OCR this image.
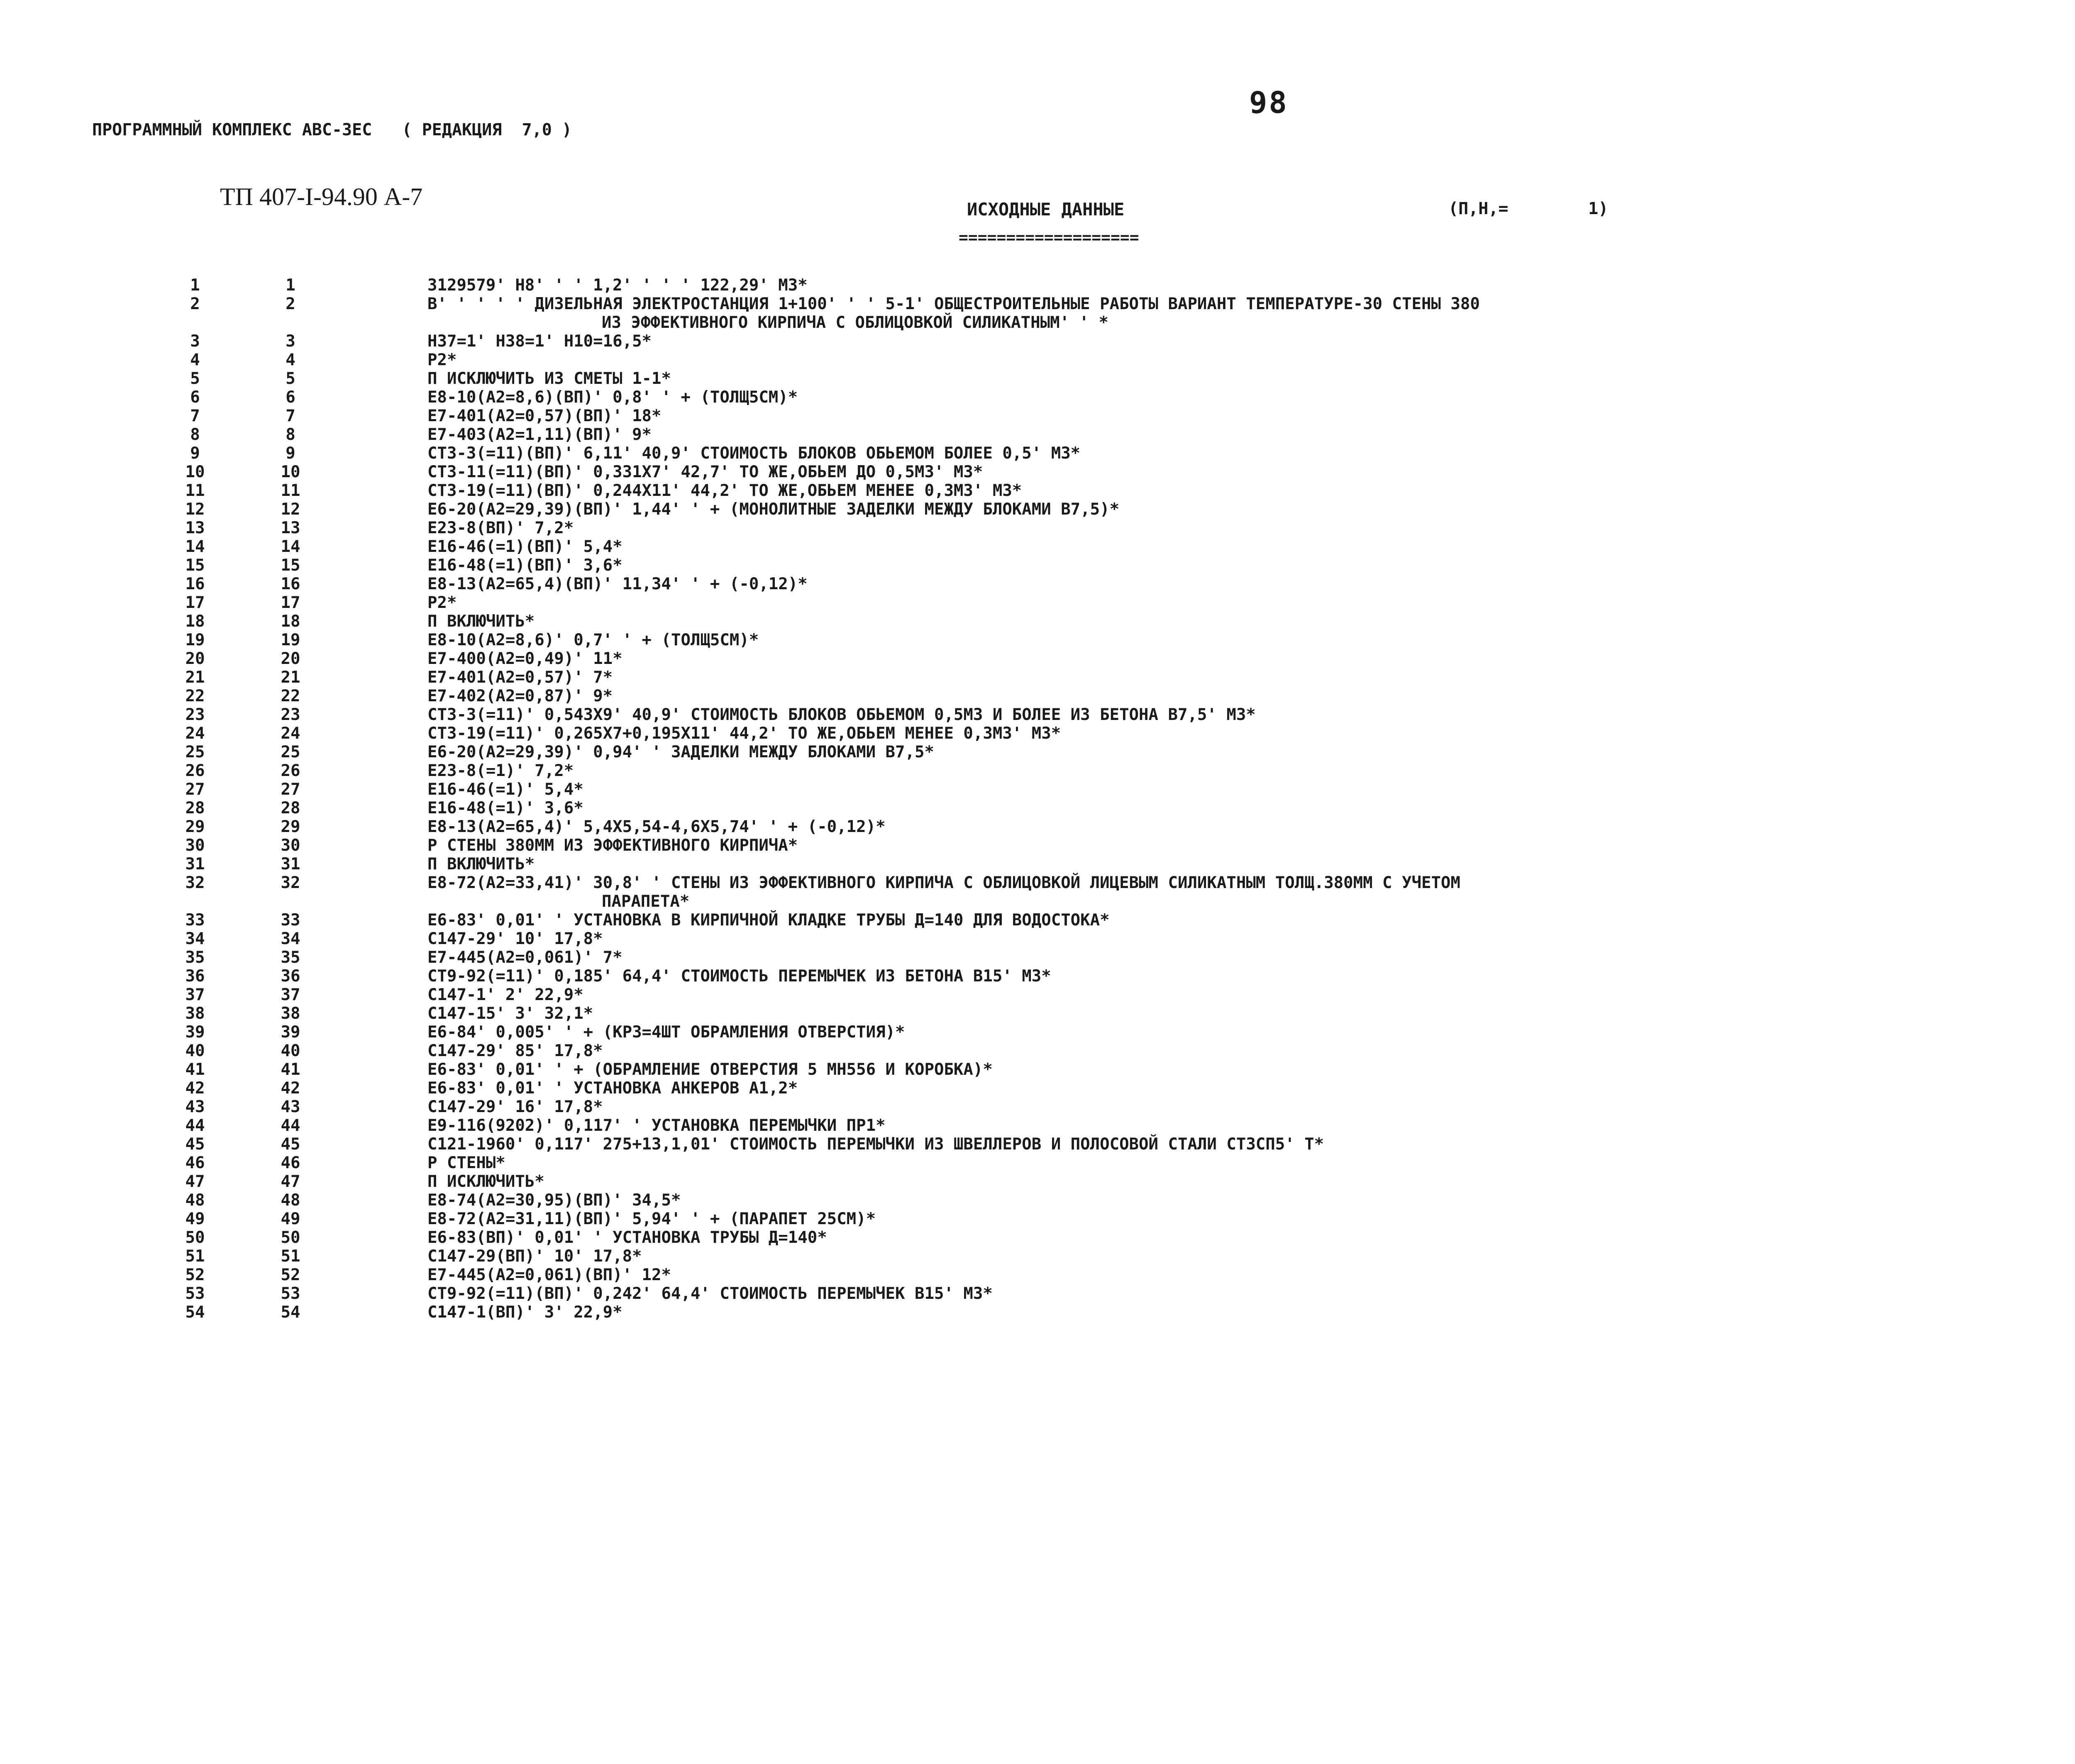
98
ПРОГРАММНЫЙ КОМПЛЕКС АВС-ЗЕС   ( РЕДАКЦИЯ  7,0 )
ТП 407-I-94.90 А-7	ИСХОДНЫЕ ДАННЫЕ
===================
(П,Н,=        1)
1	1	3129579' Н8' ' ' 1,2' ' ' ' 122,29' М3*
2	2	В' ' ' ' ' ДИЗЕЛЬНАЯ ЭЛЕКТРОСТАНЦИЯ 1+100' ' ' 5-1' ОБЩЕСТРОИТЕЛЬНЫЕ РАБОТЫ ВАРИАНТ ТЕМПЕРАТУРЕ-30 СТЕНЫ 380
ИЗ ЭФФЕКТИВНОГО КИРПИЧА С ОБЛИЦОВКОЙ СИЛИКАТНЫМ' ' *
3	3	Н37=1' Н38=1' Н10=16,5*
4	4	Р2*
5	5	П ИСКЛЮЧИТЬ ИЗ СМЕТЫ 1-1*
6	6	Е8-10(А2=8,6)(ВП)' 0,8' ' + (ТОЛЩ5СМ)*
7	7	Е7-401(А2=0,57)(ВП)' 18*
8	8	Е7-403(А2=1,11)(ВП)' 9*
9	9	СТ3-3(=11)(ВП)' 6,11' 40,9' СТОИМОСТЬ БЛОКОВ ОБЬЕМОМ БОЛЕЕ 0,5' М3*
10	10	СТ3-11(=11)(ВП)' 0,331Х7' 42,7' ТО ЖЕ,ОБЬЕМ ДО 0,5М3' М3*
11	11	СТ3-19(=11)(ВП)' 0,244Х11' 44,2' ТО ЖЕ,ОБЬЕМ МЕНЕЕ 0,3М3' М3*
12	12	Е6-20(А2=29,39)(ВП)' 1,44' ' + (МОНОЛИТНЫЕ ЗАДЕЛКИ МЕЖДУ БЛОКАМИ В7,5)*
13	13	Е23-8(ВП)' 7,2*
14	14	Е16-46(=1)(ВП)' 5,4*
15	15	Е16-48(=1)(ВП)' 3,6*
16	16	Е8-13(А2=65,4)(ВП)' 11,34' ' + (-0,12)*
17	17	Р2*
18	18	П ВКЛЮЧИТЬ*
19	19	Е8-10(А2=8,6)' 0,7' ' + (ТОЛЩ5СМ)*
20	20	Е7-400(А2=0,49)' 11*
21	21	Е7-401(А2=0,57)' 7*
22	22	Е7-402(А2=0,87)' 9*
23	23	СТ3-3(=11)' 0,543Х9' 40,9' СТОИМОСТЬ БЛОКОВ ОБЬЕМОМ 0,5М3 И БОЛЕЕ ИЗ БЕТОНА В7,5' М3*
24	24	СТ3-19(=11)' 0,265Х7+0,195Х11' 44,2' ТО ЖЕ,ОБЬЕМ МЕНЕЕ 0,3М3' М3*
25	25	Е6-20(А2=29,39)' 0,94' ' ЗАДЕЛКИ МЕЖДУ БЛОКАМИ В7,5*
26	26	Е23-8(=1)' 7,2*
27	27	Е16-46(=1)' 5,4*
28	28	Е16-48(=1)' 3,6*
29	29	Е8-13(А2=65,4)' 5,4Х5,54-4,6Х5,74' ' + (-0,12)*
30	30	Р СТЕНЫ 380ММ ИЗ ЭФФЕКТИВНОГО КИРПИЧА*
31	31	П ВКЛЮЧИТЬ*
32	32	Е8-72(А2=33,41)' 30,8' ' СТЕНЫ ИЗ ЭФФЕКТИВНОГО КИРПИЧА С ОБЛИЦОВКОЙ ЛИЦЕВЫМ СИЛИКАТНЫМ ТОЛЩ.380ММ С УЧЕТОМ
ПАРАПЕТА*
33	33	Е6-83' 0,01' ' УСТАНОВКА В КИРПИЧНОЙ КЛАДКЕ ТРУБЫ Д=140 ДЛЯ ВОДОСТОКА*
34	34	С147-29' 10' 17,8*
35	35	Е7-445(А2=0,061)' 7*
36	36	СТ9-92(=11)' 0,185' 64,4' СТОИМОСТЬ ПЕРЕМЫЧЕК ИЗ БЕТОНА В15' М3*
37	37	С147-1' 2' 22,9*
38	38	С147-15' 3' 32,1*
39	39	Е6-84' 0,005' ' + (КР3=4ШТ ОБРАМЛЕНИЯ ОТВЕРСТИЯ)*
40	40	С147-29' 85' 17,8*
41	41	Е6-83' 0,01' ' + (ОБРАМЛЕНИЕ ОТВЕРСТИЯ 5 МН556 И КОРОБКА)*
42	42	Е6-83' 0,01' ' УСТАНОВКА АНКЕРОВ А1,2*
43	43	С147-29' 16' 17,8*
44	44	Е9-116(9202)' 0,117' ' УСТАНОВКА ПЕРЕМЫЧКИ ПР1*
45	45	С121-1960' 0,117' 275+13,1,01' СТОИМОСТЬ ПЕРЕМЫЧКИ ИЗ ШВЕЛЛЕРОВ И ПОЛОСОВОЙ СТАЛИ СТ3СП5' Т*
46	46	Р СТЕНЫ*
47	47	П ИСКЛЮЧИТЬ*
48	48	Е8-74(А2=30,95)(ВП)' 34,5*
49	49	Е8-72(А2=31,11)(ВП)' 5,94' ' + (ПАРАПЕТ 25СМ)*
50	50	Е6-83(ВП)' 0,01' ' УСТАНОВКА ТРУБЫ Д=140*
51	51	С147-29(ВП)' 10' 17,8*
52	52	Е7-445(А2=0,061)(ВП)' 12*
53	53	СТ9-92(=11)(ВП)' 0,242' 64,4' СТОИМОСТЬ ПЕРЕМЫЧЕК В15' М3*
54	54	С147-1(ВП)' 3' 22,9*
